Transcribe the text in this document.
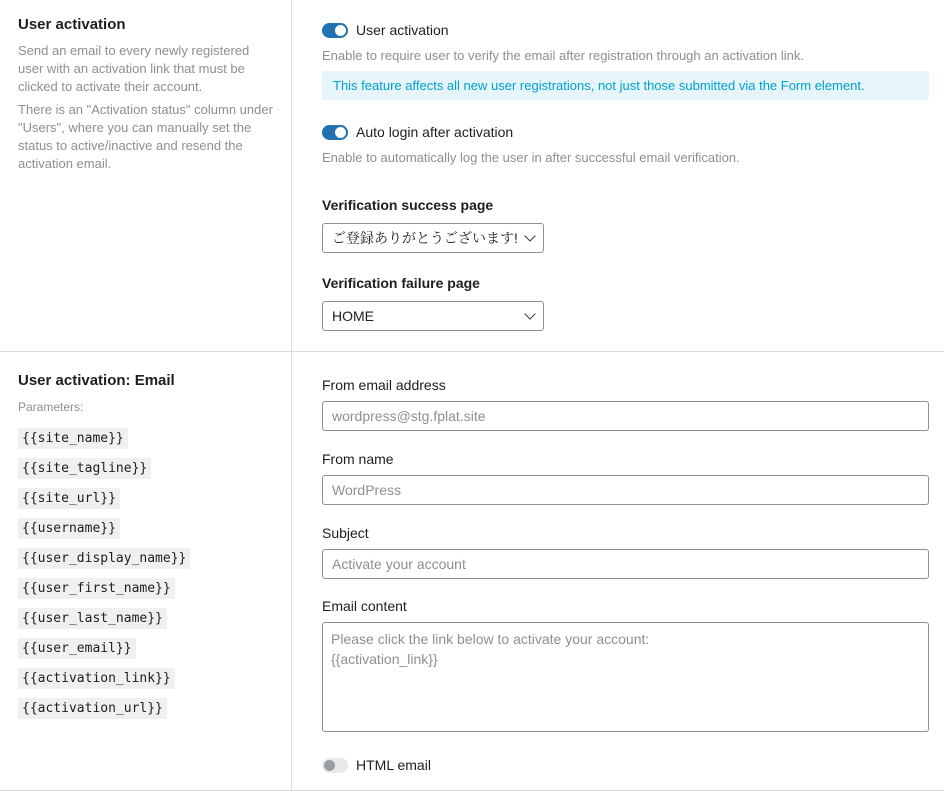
User activation

Send an email to every newly registered user with an activation link that must be clicked to activate their account.

There is an "Activation status" column under "Users", where you can manually set the status to active/inactive and resend the activation email.

User activation
Enable to require user to verify the email after registration through an activation link.
This feature affects all new user registrations, not just those submitted via the Form element.
Auto login after activation
Enable to automatically log the user in after successful email verification.
Verification success page
ご登録ありがとうございます!
Verification failure page
HOME
User activation: Email

Parameters:

{{site_name}}
{{site_tagline}}
{{site_url}}
{{username}}
{{user_display_name}}
{{user_first_name}}
{{user_last_name}}
{{user_email}}
{{activation_link}}
{{activation_url}}
From email address
wordpress@stg.fplat.site
From name
WordPress
Subject
Activate your account
Email content
Please click the link below to activate your account:
{{activation_link}}
HTML email
